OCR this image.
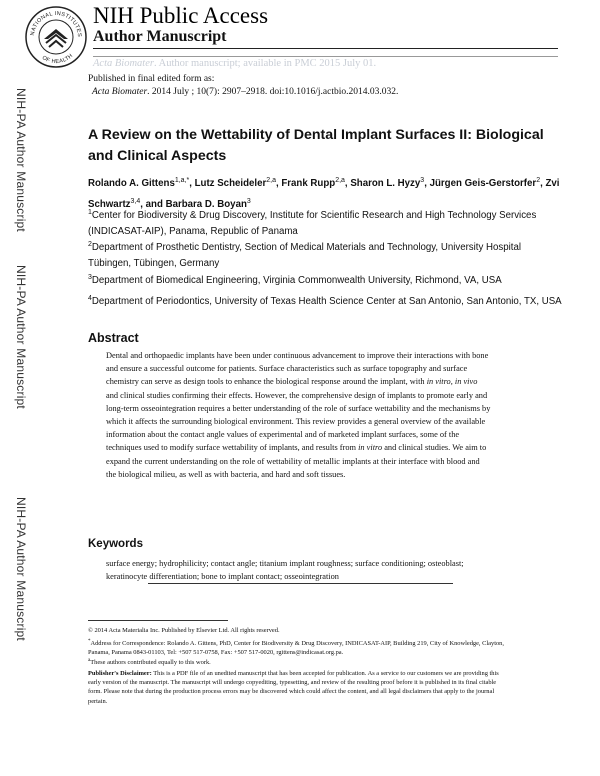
NATIONAL INSTITUTES
OF HEALTH
NIH Public Access
Author Manuscript
Acta Biomater. Author manuscript; available in PMC 2015 July 01.
Published in final edited form as:
Acta Biomater. 2014 July ; 10(7): 2907–2918. doi:10.1016/j.actbio.2014.03.032.
NIH-PA Author Manuscript
NIH-PA Author Manuscript
NIH-PA Author Manuscript
A Review on the Wettability of Dental Implant Surfaces II: Biological and Clinical Aspects
Rolando A. Gittens$^{1,a,*}$, Lutz Scheideler$^{2,a}$, Frank Rupp$^{2,a}$, Sharon L. Hyzy$^3$, Jürgen Geis-Gerstorfer$^2$, Zvi Schwartz$^{3,4}$, and Barbara D. Boyan$^3$
$^1$Center for Biodiversity & Drug Discovery, Institute for Scientific Research and High Technology Services (INDICASAT-AIP), Panama, Republic of Panama
$^2$Department of Prosthetic Dentistry, Section of Medical Materials and Technology, University Hospital Tübingen, Tübingen, Germany
$^3$Department of Biomedical Engineering, Virginia Commonwealth University, Richmond, VA, USA
$^4$Department of Periodontics, University of Texas Health Science Center at San Antonio, San Antonio, TX, USA
Abstract
Dental and orthopaedic implants have been under continuous advancement to improve their interactions with bone and ensure a successful outcome for patients. Surface characteristics such as surface topography and surface chemistry can serve as design tools to enhance the biological response around the implant, with in vitro, in vivo and clinical studies confirming their effects. However, the comprehensive design of implants to promote early and long-term osseointegration requires a better understanding of the role of surface wettability and the mechanisms by which it affects the surrounding biological environment. This review provides a general overview of the available information about the contact angle values of experimental and of marketed implant surfaces, some of the techniques used to modify surface wettability of implants, and results from in vitro and clinical studies. We aim to expand the current understanding on the role of wettability of metallic implants at their interface with blood and the biological milieu, as well as with bacteria, and hard and soft tissues.
Keywords
surface energy; hydrophilicity; contact angle; titanium implant roughness; surface conditioning; osteoblast; keratinocyte differentiation; bone to implant contact; osseointegration
© 2014 Acta Materialia Inc. Published by Elsevier Ltd. All rights reserved.
*Address for Correspondence: Rolando A. Gittens, PhD, Center for Biodiversity & Drug Discovery, INDICASAT-AIP, Building 219, City of Knowledge, Clayton, Panama, Panama 0843-01103, Tel: +507 517-0758, Fax: +507 517-0020, rgittens@indicasat.org.pa.
$^a$These authors contributed equally to this work.
Publisher's Disclaimer: This is a PDF file of an unedited manuscript that has been accepted for publication. As a service to our customers we are providing this early version of the manuscript. The manuscript will undergo copyediting, typesetting, and review of the resulting proof before it is published in its final citable form. Please note that during the production process errors may be discovered which could affect the content, and all legal disclaimers that apply to the journal pertain.
